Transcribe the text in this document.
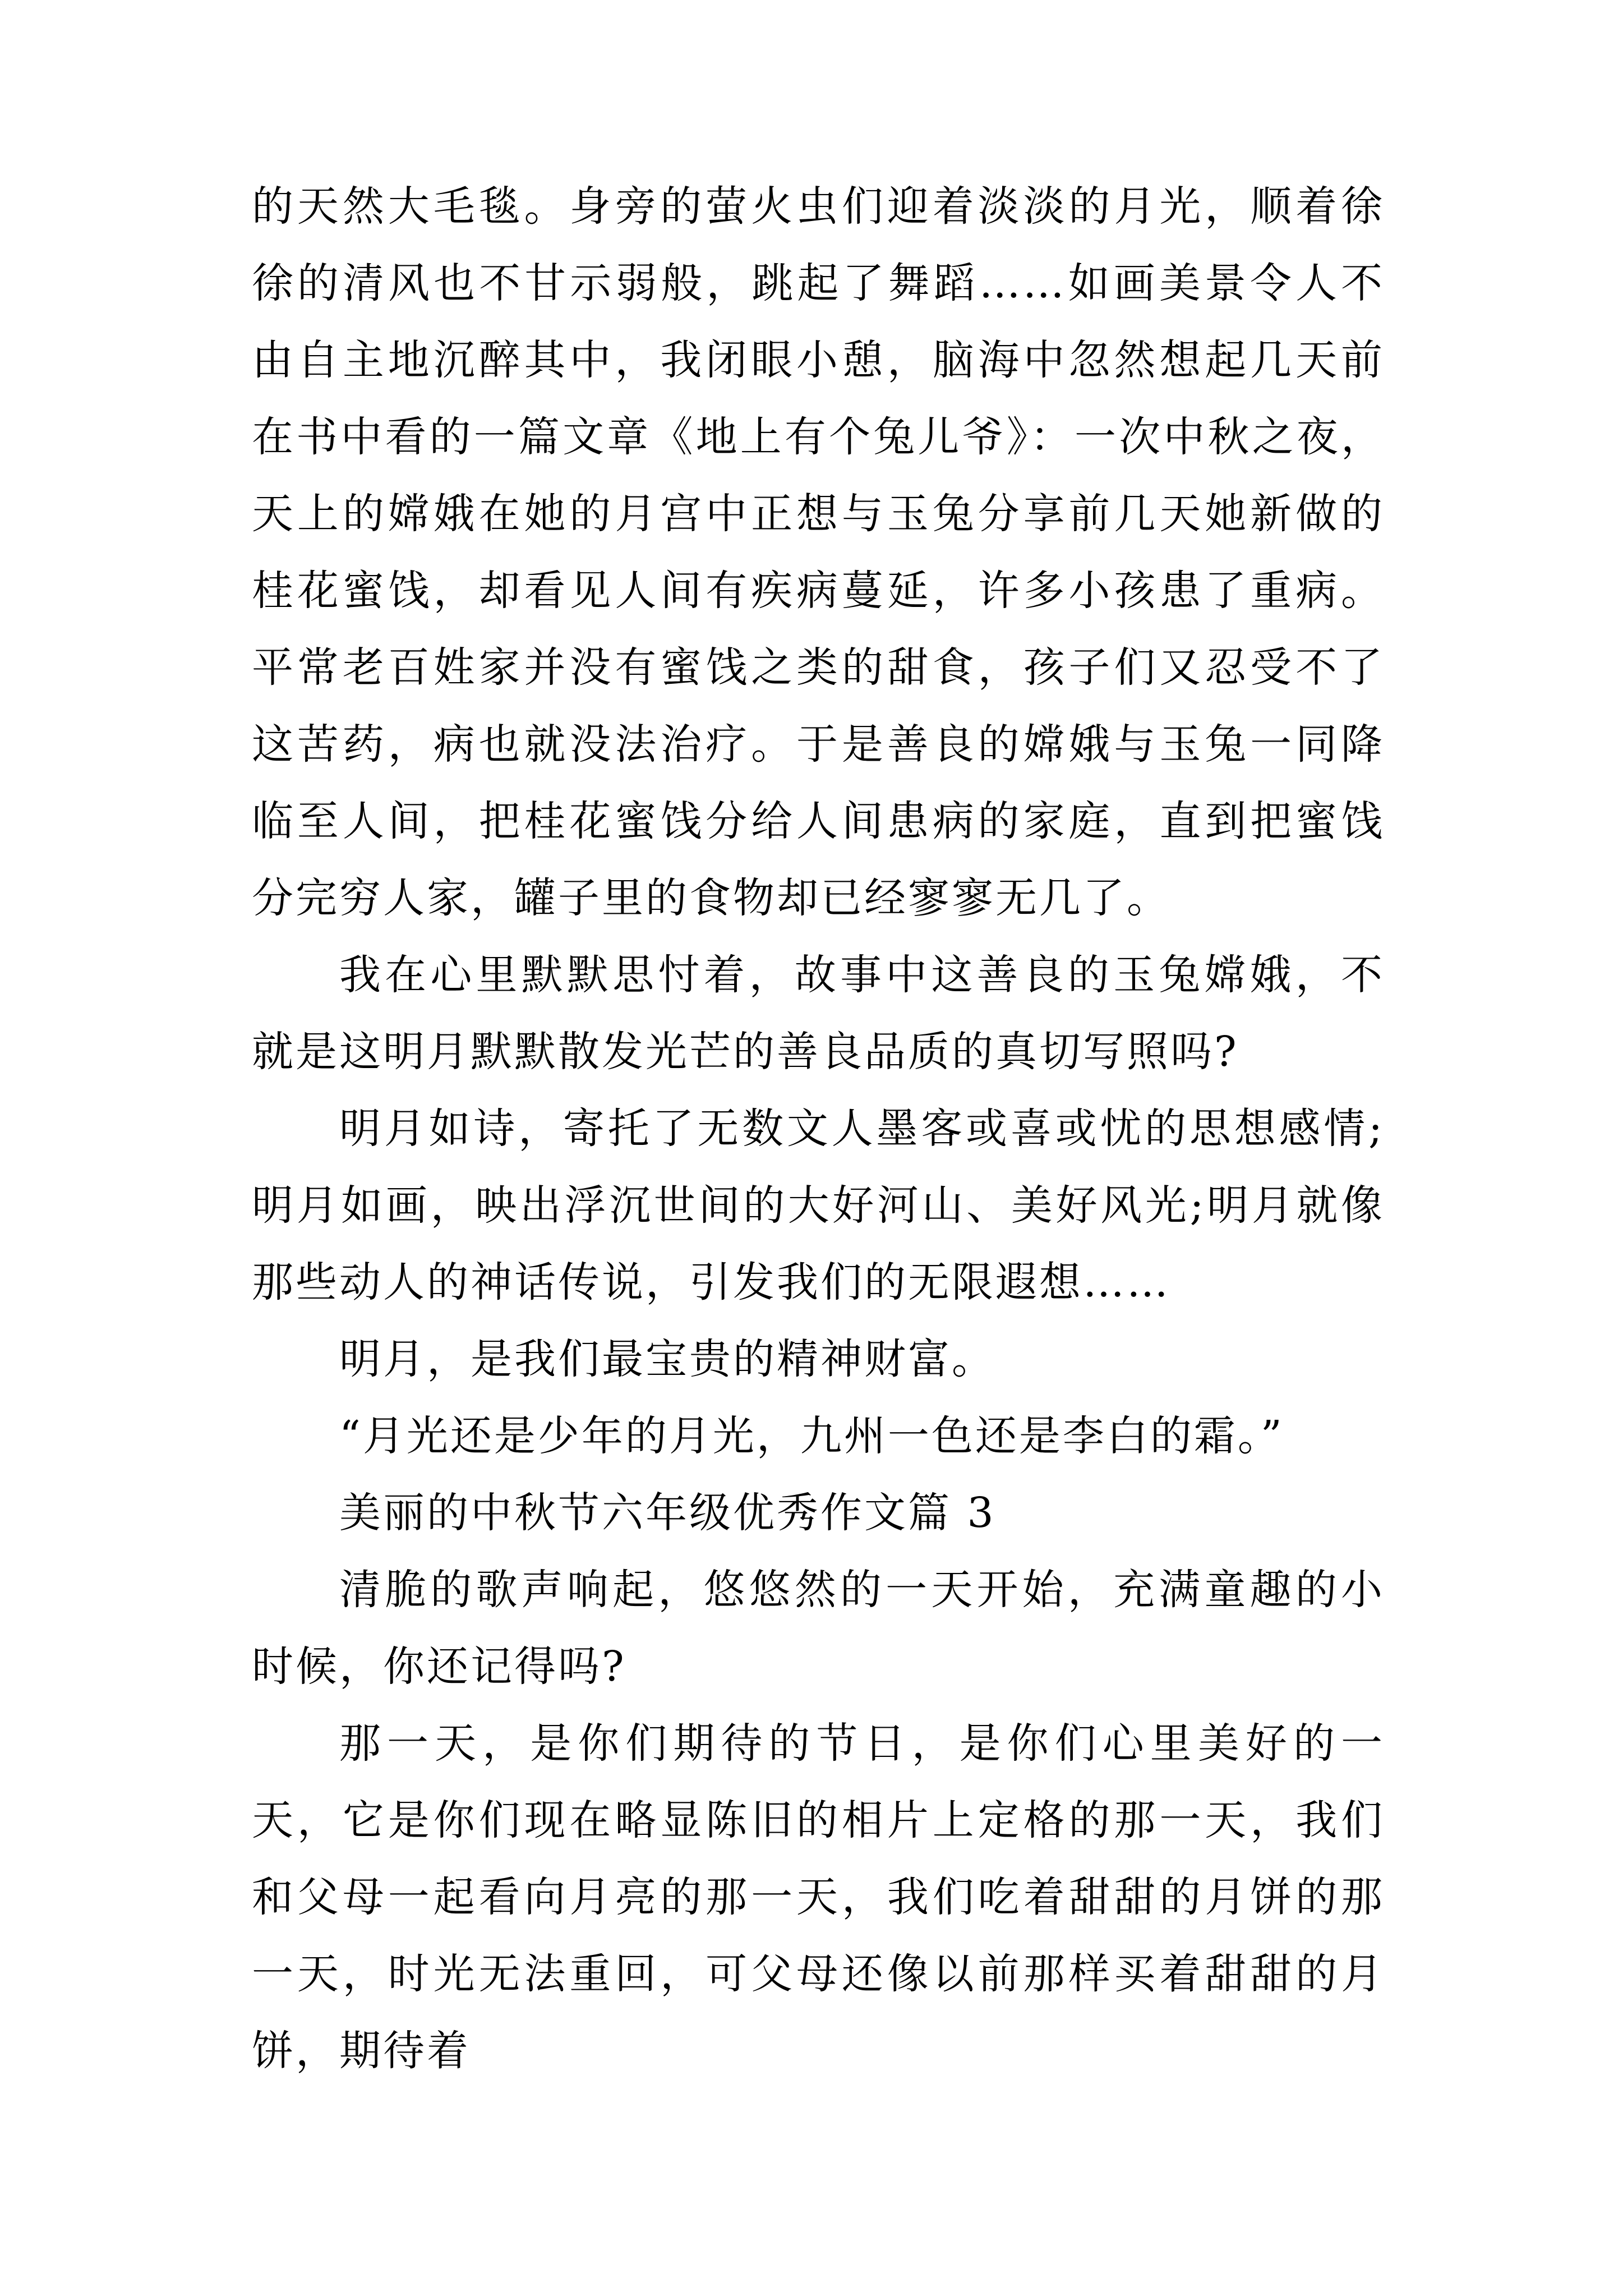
的天然大毛毯。身旁的萤火虫们迎着淡淡的月光，顺着徐徐的清风也不甘示弱般，跳起了舞蹈……如画美景令人不由自主地沉醉其中，我闭眼小憩，脑海中忽然想起几天前在书中看的一篇文章《地上有个兔儿爷》：一次中秋之夜，天上的嫦娥在她的月宫中正想与玉兔分享前几天她新做的桂花蜜饯，却看见人间有疾病蔓延，许多小孩患了重病。平常老百姓家并没有蜜饯之类的甜食，孩子们又忍受不了这苦药，病也就没法治疗。于是善良的嫦娥与玉兔一同降临至人间，把桂花蜜饯分给人间患病的家庭，直到把蜜饯分完穷人家，罐子里的食物却已经寥寥无几了。

我在心里默默思忖着，故事中这善良的玉兔嫦娥，不就是这明月默默散发光芒的善良品质的真切写照吗?

明月如诗，寄托了无数文人墨客或喜或忧的思想感情;明月如画，映出浮沉世间的大好河山、美好风光;明月就像那些动人的神话传说，引发我们的无限遐想……

明月，是我们最宝贵的精神财富。

“月光还是少年的月光，九州一色还是李白的霜。”

美丽的中秋节六年级优秀作文篇 3

清脆的歌声响起，悠悠然的一天开始，充满童趣的小时候，你还记得吗?

那一天，是你们期待的节日，是你们心里美好的一天，它是你们现在略显陈旧的相片上定格的那一天，我们和父母一起看向月亮的那一天，我们吃着甜甜的月饼的那一天，时光无法重回，可父母还像以前那样买着甜甜的月饼，期待着
